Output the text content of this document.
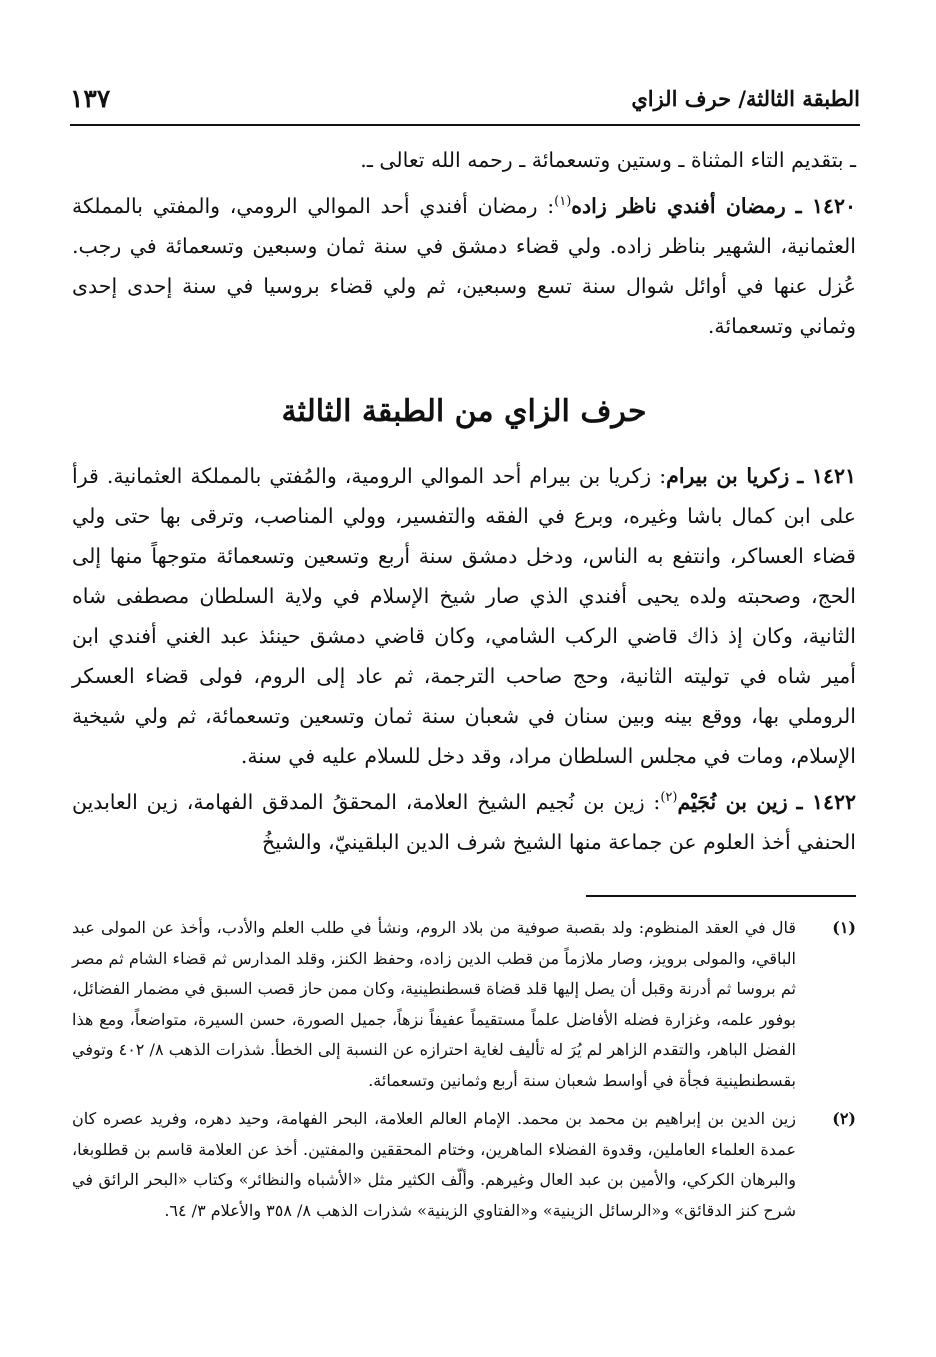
الطبقة الثالثة/ حرف الزاي
١٣٧

ـ بتقديم التاء المثناة ـ وستين وتسعمائة ـ رحمه الله تعالى ـ.

١٤٢٠ ـ رمضان أفندي ناظر زاده$^{(١)}$: رمضان أفندي أحد الموالي الرومي، والمفتي بالمملكة العثمانية، الشهير بناظر زاده. ولي قضاء دمشق في سنة ثمان وسبعين وتسعمائة في رجب. عُزل عنها في أوائل شوال سنة تسع وسبعين، ثم ولي قضاء بروسيا في سنة إحدى إحدى وثماني وتسعمائة.

حرف الزاي من الطبقة الثالثة

١٤٢١ ـ زكريا بن بيرام: زكريا بن بيرام أحد الموالي الرومية، والمُفتي بالمملكة العثمانية. قرأ على ابن كمال باشا وغيره، وبرع في الفقه والتفسير، وولي المناصب، وترقى بها حتى ولي قضاء العساكر، وانتفع به الناس، ودخل دمشق سنة أربع وتسعين وتسعمائة متوجهاً منها إلى الحج، وصحبته ولده يحيى أفندي الذي صار شيخ الإسلام في ولاية السلطان مصطفى شاه الثانية، وكان إذ ذاك قاضي الركب الشامي، وكان قاضي دمشق حينئذ عبد الغني أفندي ابن أمير شاه في توليته الثانية، وحج صاحب الترجمة، ثم عاد إلى الروم، فولى قضاء العسكر الروملي بها، ووقع بينه وبين سنان في شعبان سنة ثمان وتسعين وتسعمائة، ثم ولي شيخية الإسلام، ومات في مجلس السلطان مراد، وقد دخل للسلام عليه في سنة.

١٤٢٢ ـ زين بن نُجَيْم$^{(٢)}$: زين بن نُجيم الشيخ العلامة، المحققُ المدقق الفهامة، زين العابدين الحنفي أخذ العلوم عن جماعة منها الشيخ شرف الدين البلقينيّ، والشيخُ

(١)
قال في العقد المنظوم: ولد بقصبة صوفية من بلاد الروم، ونشأ في طلب العلم والأدب، وأخذ عن المولى عبد الباقي، والمولى برويز، وصار ملازماً من قطب الدين زاده، وحفظ الكنز، وقلد المدارس ثم قضاء الشام ثم مصر ثم بروسا ثم أدرنة وقبل أن يصل إليها قلد قضاة قسطنطينية، وكان ممن حاز قصب السبق في مضمار الفضائل، بوفور علمه، وغزارة فضله الأفاضل علماً مستقيماً عفيفاً نزهاً، جميل الصورة، حسن السيرة، متواضعاً، ومع هذا الفضل الباهر، والتقدم الزاهر لم يُرَ له تأليف لغاية احترازه عن النسبة إلى الخطأ. شذرات الذهب ٨/ ٤٠٢ وتوفي بقسطنطينية فجأة في أواسط شعبان سنة أربع وثمانين وتسعمائة.
(٢)
زين الدين بن إبراهيم بن محمد بن محمد. الإمام العالم العلامة، البحر الفهامة، وحيد دهره، وفريد عصره كان عمدة العلماء العاملين، وقدوة الفضلاء الماهرين، وختام المحققين والمفتين. أخذ عن العلامة قاسم بن قطلوبغا، والبرهان الكركي، والأمين بن عبد العال وغيرهم. وألّف الكثير مثل «الأشباه والنظائر» وكتاب «البحر الرائق في شرح كنز الدقائق» و«الرسائل الزينية» و«الفتاوي الزينية» شذرات الذهب ٨/ ٣٥٨ والأعلام ٣/ ٦٤.
